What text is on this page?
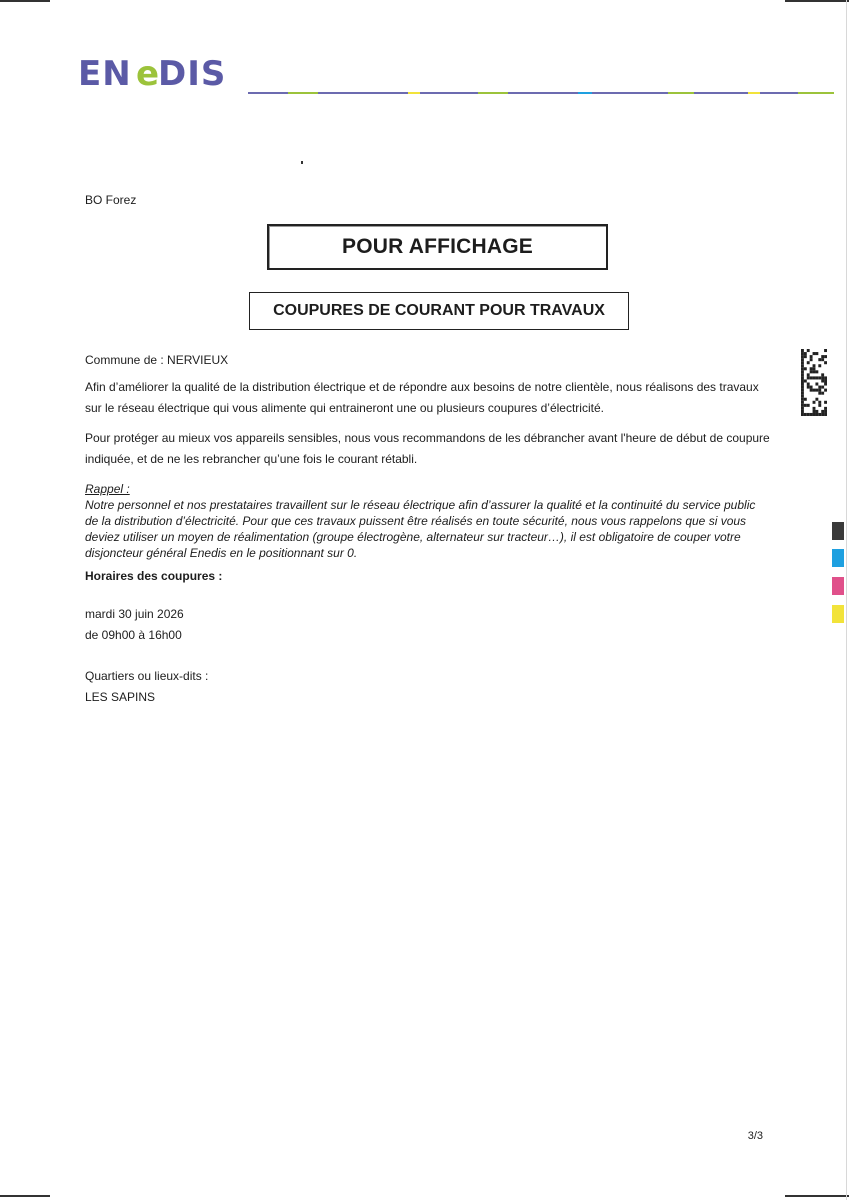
EN e
DIS
BO Forez
POUR AFFICHAGE
COUPURES DE COURANT POUR TRAVAUX
Commune de : NERVIEUX
Afin d’améliorer la qualité de la distribution électrique et de répondre aux besoins de notre clientèle, nous réalisons des travaux
sur le réseau électrique qui vous alimente qui entraineront une ou plusieurs coupures d’électricité.
Pour protéger au mieux vos appareils sensibles, nous vous recommandons de les débrancher avant l'heure de début de coupure
indiquée, et de ne les rebrancher qu’une fois le courant rétabli.
Rappel :
Notre personnel et nos prestataires travaillent sur le réseau électrique afin d’assurer la qualité et la continuité du service public
de la distribution d’électricité. Pour que ces travaux puissent être réalisés en toute sécurité, nous vous rappelons que si vous
deviez utiliser un moyen de réalimentation (groupe électrogène, alternateur sur tracteur…), il est obligatoire de couper votre
disjoncteur général Enedis en le positionnant sur 0.
Horaires des coupures :
mardi 30 juin 2026
de 09h00 à 16h00
Quartiers ou lieux-dits :
LES SAPINS
3/3
